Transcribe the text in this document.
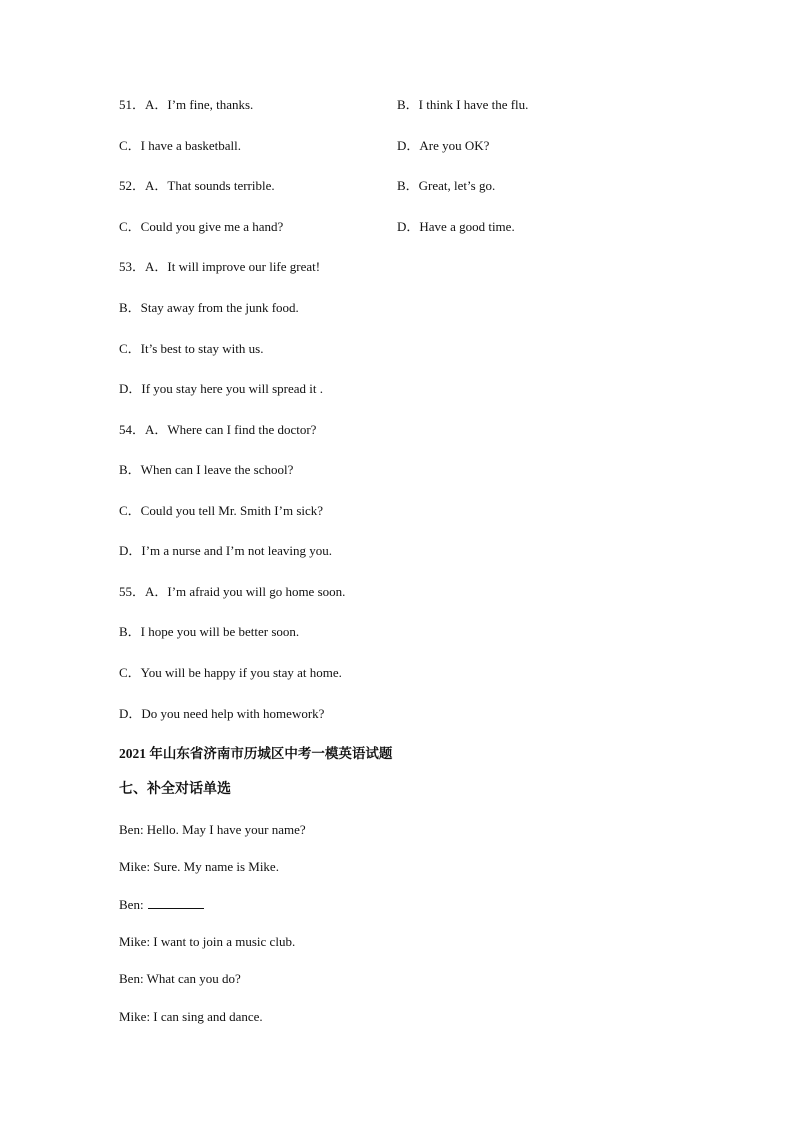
51．A．I’m fine, thanks.	B．I think I have the flu.
C．I have a basketball.	D．Are you OK?
52．A．That sounds terrible.	B．Great, let’s go.
C．Could you give me a hand?	D．Have a good time.
53．A．It will improve our life great!
B．Stay away from the junk food.
C．It’s best to stay with us.
D．If you stay here you will spread it .
54．A．Where can I find the doctor?
B．When can I leave the school?
C．Could you tell Mr. Smith I’m sick?
D．I’m a nurse and I’m not leaving you.
55．A．I’m afraid you will go home soon.
B．I hope you will be better soon.
C．You will be happy if you stay at home.
D．Do you need help with homework?
2021 年山东省济南市历城区中考一模英语试题
七、补全对话单选
Ben: Hello. May I have your name?
Mike: Sure. My name is Mike.
Ben:
Mike: I want to join a music club.
Ben: What can you do?
Mike: I can sing and dance.
